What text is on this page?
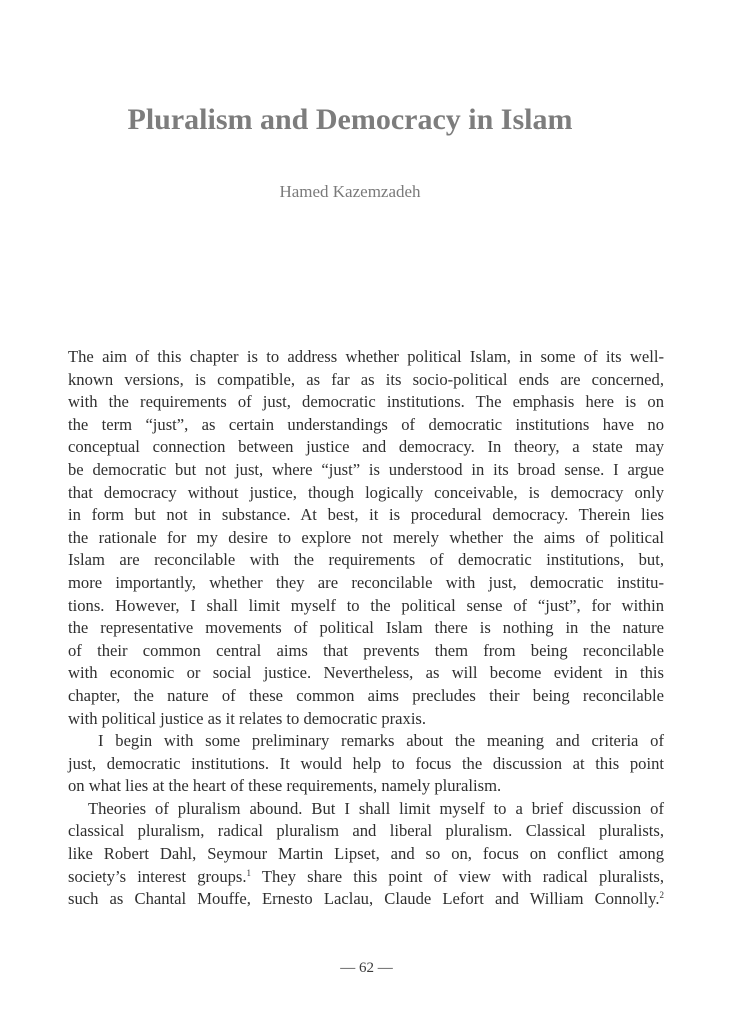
Pluralism and Democracy in Islam

Hamed Kazemzadeh

The aim of this chapter is to address whether political Islam, in some of its well-
known versions, is compatible, as far as its socio-political ends are concerned,
with the requirements of just, democratic institutions. The emphasis here is on
the term “just”, as certain understandings of democratic institutions have no
conceptual connection between justice and democracy. In theory, a state may
be democratic but not just, where “just” is understood in its broad sense. I argue
that democracy without justice, though logically conceivable, is democracy only
in form but not in substance. At best, it is procedural democracy. Therein lies
the rationale for my desire to explore not merely whether the aims of political
Islam are reconcilable with the requirements of democratic institutions, but,
more importantly, whether they are reconcilable with just, democratic institu-
tions. However, I shall limit myself to the political sense of “just”, for within
the representative movements of political Islam there is nothing in the nature
of their common central aims that prevents them from being reconcilable
with economic or social justice. Nevertheless, as will become evident in this
chapter, the nature of these common aims precludes their being reconcilable
with political justice as it relates to democratic praxis.
I begin with some preliminary remarks about the meaning and criteria of
just, democratic institutions. It would help to focus the discussion at this point
on what lies at the heart of these requirements, namely pluralism.
Theories of pluralism abound. But I shall limit myself to a brief discussion of
classical pluralism, radical pluralism and liberal pluralism. Classical pluralists,
like Robert Dahl, Seymour Martin Lipset, and so on, focus on conflict among
society’s interest groups.$^1$ They share this point of view with radical pluralists,
such as Chantal Mouffe, Ernesto Laclau, Claude Lefort and William Connolly.$^2$
— 62 —
